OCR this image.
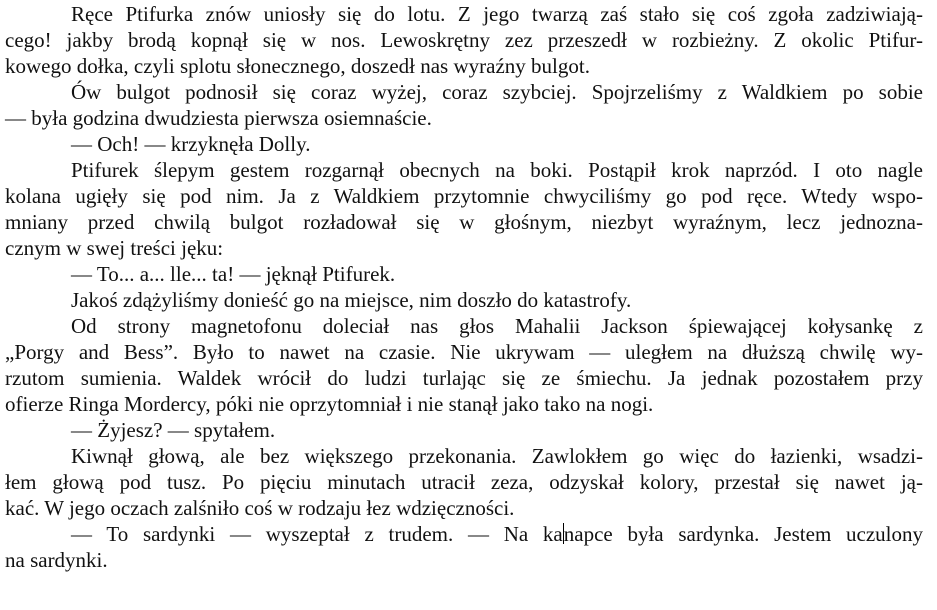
Ręce Ptifurka znów uniosły się do lotu. Z jego twarzą zaś stało się coś zgoła zadziwiają-
cego! jakby brodą kopnął się w nos. Lewoskrętny zez przeszedł w rozbieżny. Z okolic Ptifur-
kowego dołka, czyli splotu słonecznego, doszedł nas wyraźny bulgot.
Ów bulgot podnosił się coraz wyżej, coraz szybciej. Spojrzeliśmy z Waldkiem po sobie
— była godzina dwudziesta pierwsza osiemnaście.
— Och! — krzyknęła Dolly.
Ptifurek ślepym gestem rozgarnął obecnych na boki. Postąpił krok naprzód. I oto nagle
kolana ugięły się pod nim. Ja z Waldkiem przytomnie chwyciliśmy go pod ręce. Wtedy wspo-
mniany przed chwilą bulgot rozładował się w głośnym, niezbyt wyraźnym, lecz jednozna-
cznym w swej treści jęku:
— To... a... lle... ta! — jęknął Ptifurek.
Jakoś zdążyliśmy donieść go na miejsce, nim doszło do katastrofy.
Od strony magnetofonu doleciał nas głos Mahalii Jackson śpiewającej kołysankę z
„Porgy and Bess”. Było to nawet na czasie. Nie ukrywam — uległem na dłuższą chwilę wy-
rzutom sumienia. Waldek wrócił do ludzi turlając się ze śmiechu. Ja jednak pozostałem przy
ofierze Ringa Mordercy, póki nie oprzytomniał i nie stanął jako tako na nogi.
— Żyjesz? — spytałem.
Kiwnął głową, ale bez większego przekonania. Zawlokłem go więc do łazienki, wsadzi-
łem głową pod tusz. Po pięciu minutach utracił zeza, odzyskał kolory, przestał się nawet ją-
kać. W jego oczach zalśniło coś w rodzaju łez wdzięczności.
— To sardynki — wyszeptał z trudem. — Na kanapce była sardynka. Jestem uczulony
na sardynki.
